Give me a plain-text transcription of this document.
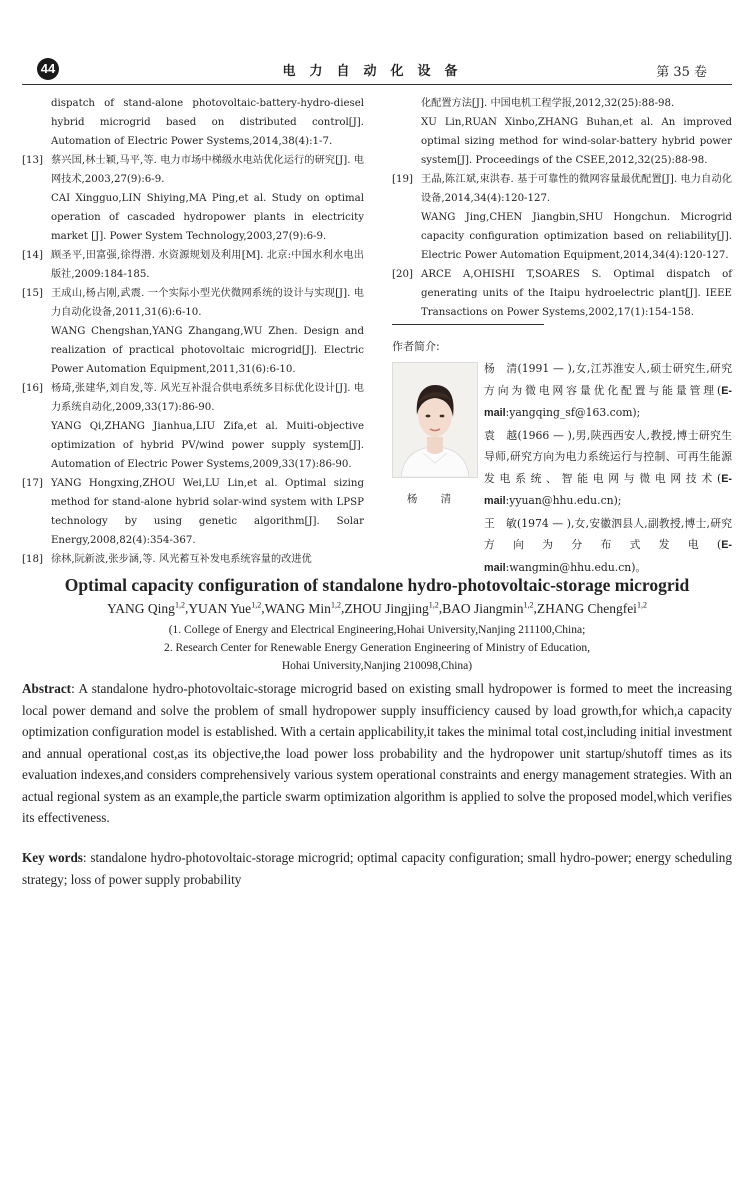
44	电力自动化设备	第 35 卷

dispatch of stand-alone photovoltaic-battery-hydro-diesel hybrid microgrid based on distributed control[J]. Automation of Electric Power Systems,2014,38(4):1-7.

[13] 蔡兴国,林士颖,马平,等. 电力市场中梯级水电站优化运行的研究[J]. 电网技术,2003,27(9):6-9.

CAI Xingguo,LIN Shiying,MA Ping,et al. Study on optimal operation of cascaded hydropower plants in electricity market [J]. Power System Technology,2003,27(9):6-9.

[14] 顾圣平,田富强,徐得潜. 水资源规划及利用[M]. 北京:中国水利水电出版社,2009:184-185.

[15] 王成山,杨占刚,武震. 一个实际小型光伏微网系统的设计与实现[J]. 电力自动化设备,2011,31(6):6-10.

WANG Chengshan,YANG Zhangang,WU Zhen. Design and realization of practical photovoltaic microgrid[J]. Electric Power Automation Equipment,2011,31(6):6-10.

[16] 杨琦,张建华,刘自发,等. 风光互补混合供电系统多目标优化设计[J]. 电力系统自动化,2009,33(17):86-90.

YANG Qi,ZHANG Jianhua,LIU Zifa,et al. Muiti-objective optimization of hybrid PV/wind power supply system[J]. Automation of Electric Power Systems,2009,33(17):86-90.

[17] YANG Hongxing,ZHOU Wei,LU Lin,et al. Optimal sizing method for stand-alone hybrid solar-wind system with LPSP technology by using genetic algorithm[J]. Solar Energy,2008,82(4):354-367.

[18] 徐林,阮新波,张步涵,等. 风光蓄互补发电系统容量的改进优

化配置方法[J]. 中国电机工程学报,2012,32(25):88-98.

XU Lin,RUAN Xinbo,ZHANG Buhan,et al. An improved optimal sizing method for wind-solar-battery hybrid power system[J]. Proceedings of the CSEE,2012,32(25):88-98.

[19] 王晶,陈江斌,束洪春. 基于可靠性的微网容量最优配置[J]. 电力自动化设备,2014,34(4):120-127.

WANG Jing,CHEN Jiangbin,SHU Hongchun. Microgrid capacity configuration optimization based on reliability[J]. Electric Power Automation Equipment,2014,34(4):120-127.

[20] ARCE A,OHISHI T,SOARES S. Optimal dispatch of generating units of the Itaipu hydroelectric plant[J]. IEEE Transactions on Power Systems,2002,17(1):154-158.

作者简介:
杨 清
杨　清(1991 — ),女,江苏淮安人,硕士研究生,研究方向为微电网容量优化配置与能量管理(E-mail:yangqing_sf@163.com);
袁　越(1966 — ),男,陕西西安人,教授,博士研究生导师,研究方向为电力系统运行与控制、可再生能源发电系统、智能电网与微电网技术(E-mail:yyuan@hhu.edu.cn);
王　敏(1974 — ),女,安徽泗县人,副教授,博士,研究方向为分布式发电(E-mail:wangmin@hhu.edu.cn)。
Optimal capacity configuration of standalone hydro-photovoltaic-storage microgrid
YANG Qing$^{1,2}$,YUAN Yue$^{1,2}$,WANG Min$^{1,2}$,ZHOU Jingjing$^{1,2}$,BAO Jiangmin$^{1,2}$,ZHANG Chengfei$^{1,2}$
(1. College of Energy and Electrical Engineering,Hohai University,Nanjing 211100,China;
2. Research Center for Renewable Energy Generation Engineering of Ministry of Education,
Hohai University,Nanjing 210098,China)
Abstract: A standalone hydro-photovoltaic-storage microgrid based on existing small hydropower is formed to meet the increasing local power demand and solve the problem of small hydropower supply insufficiency caused by load growth,for which,a capacity optimization configuration model is established. With a certain applicability,it takes the minimal total cost,including initial investment and annual operational cost,as its objective,the load power loss probability and the hydropower unit startup/shutoff times as its evaluation indexes,and considers comprehensively various system operational constraints and energy management strategies. With an actual regional system as an example,the particle swarm optimization algorithm is applied to solve the proposed model,which verifies its effectiveness.
Key words: standalone hydro-photovoltaic-storage microgrid; optimal capacity configuration; small hydro-power; energy scheduling strategy; loss of power supply probability
